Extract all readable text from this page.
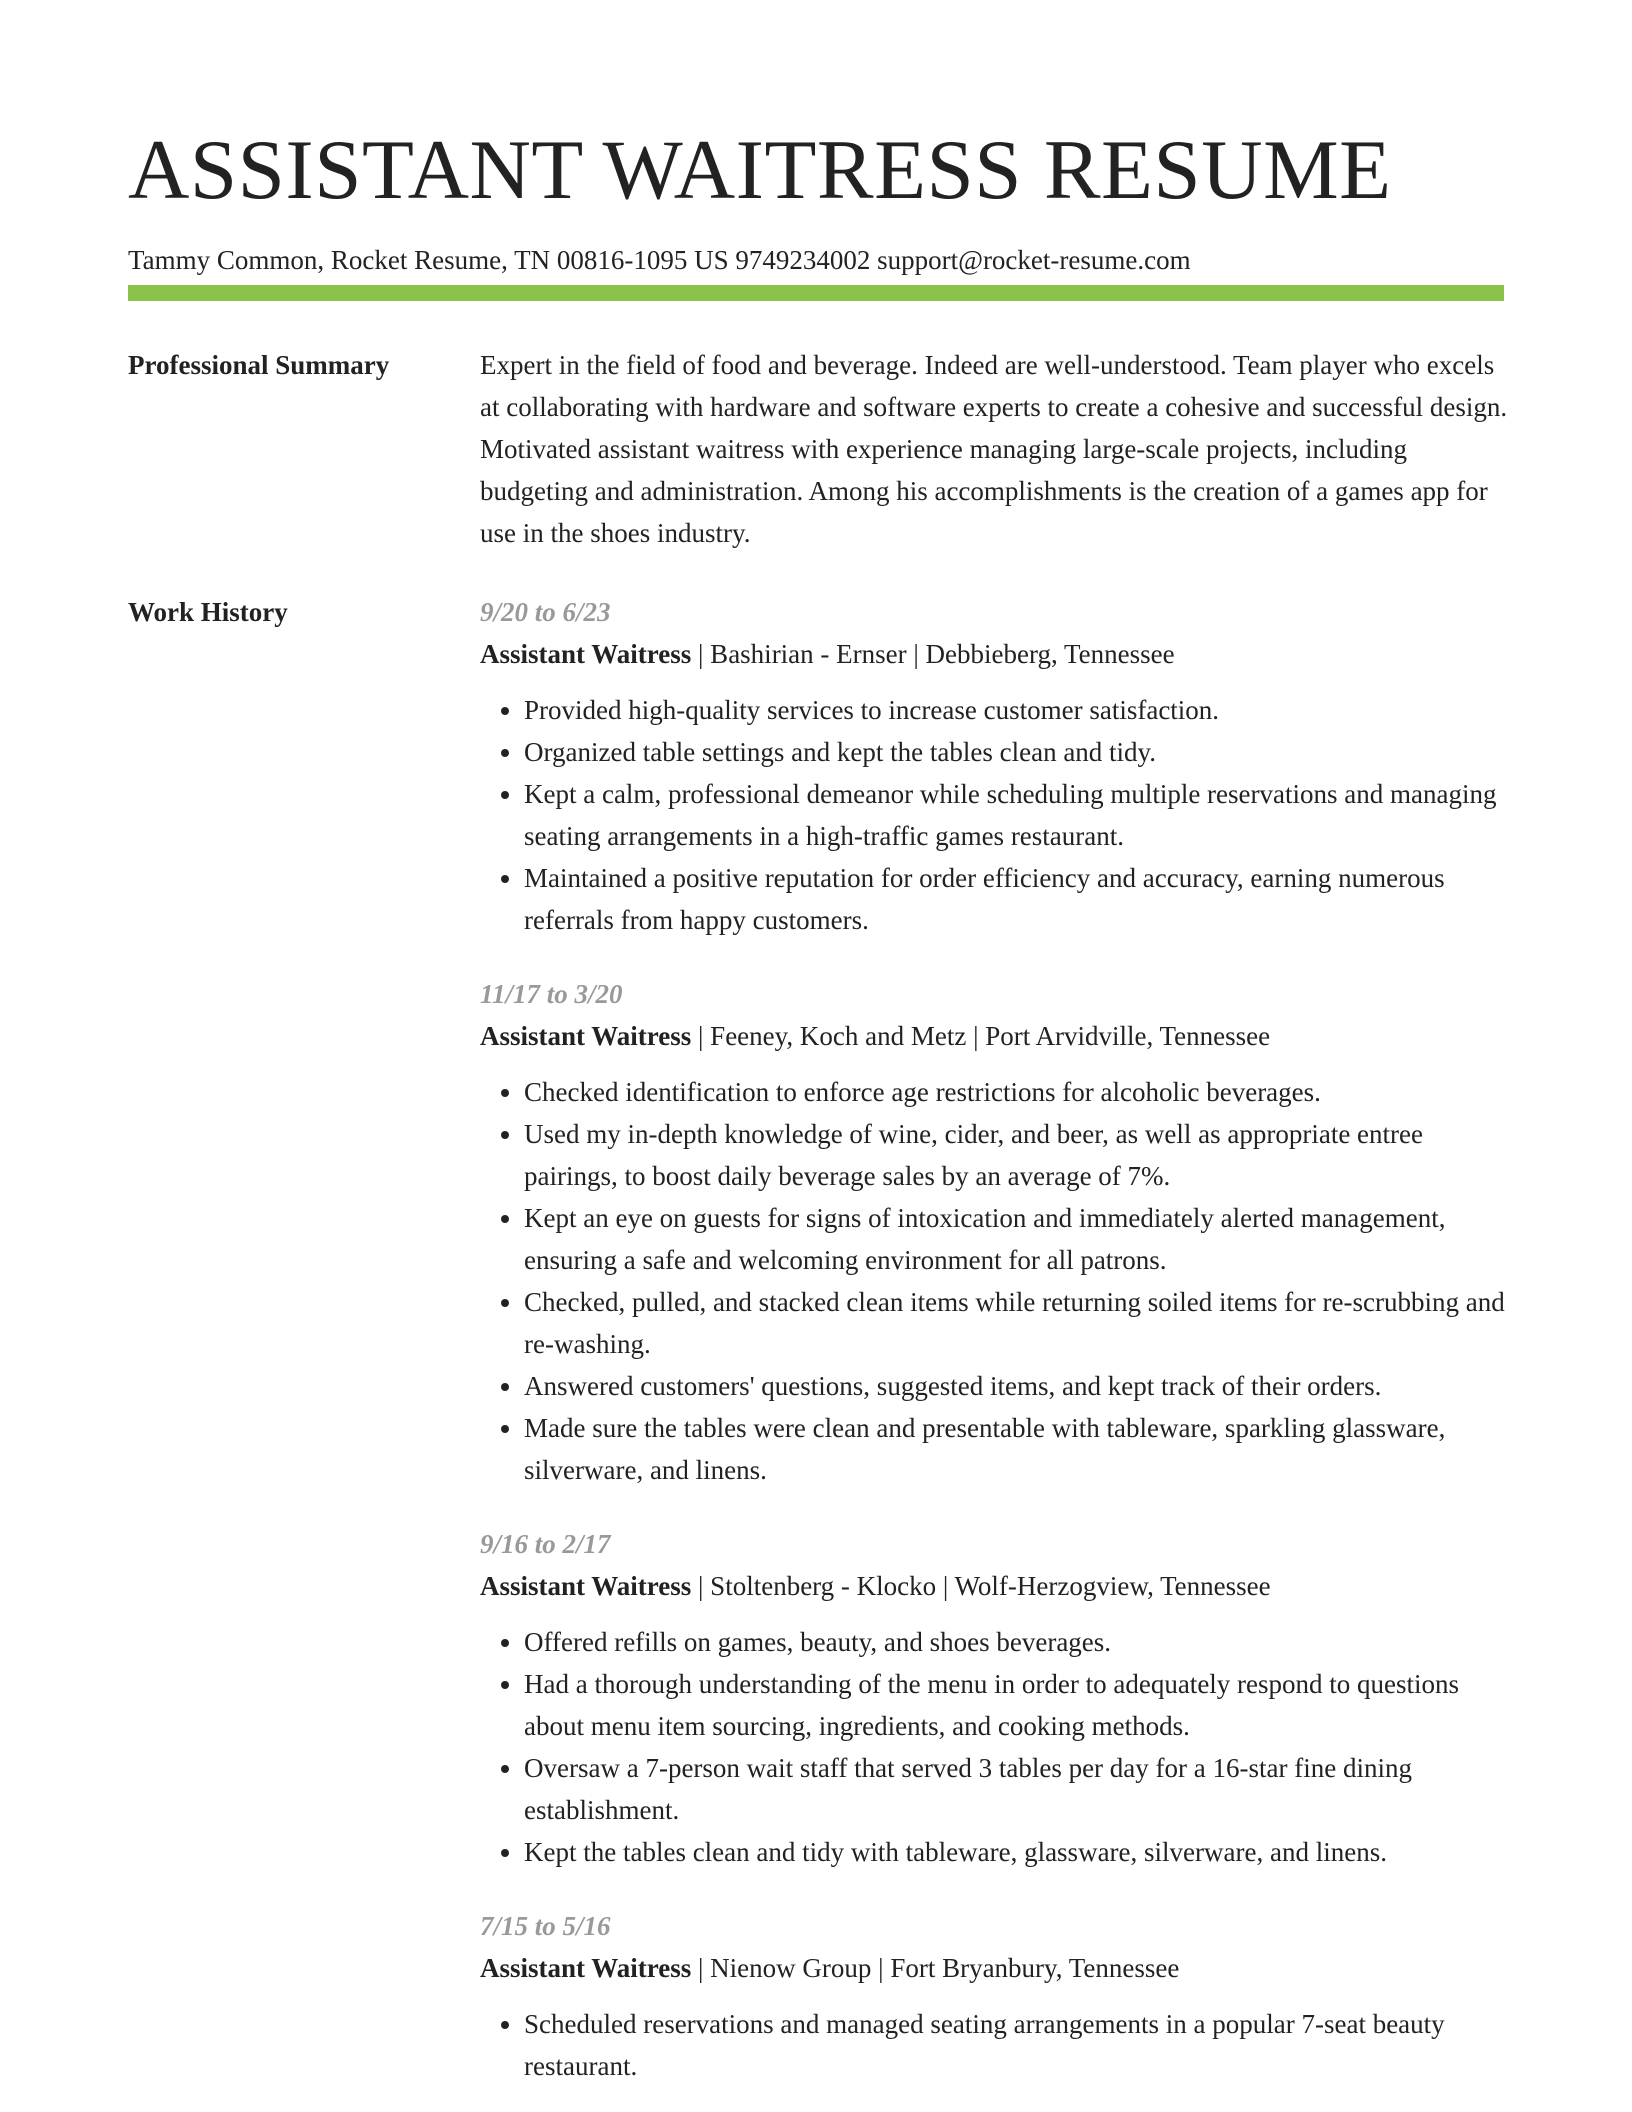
ASSISTANT WAITRESS RESUME
Tammy Common, Rocket Resume, TN 00816-1095 US 9749234002 support@rocket-resume.com
Professional Summary	Expert in the field of food and beverage. Indeed are well-understood. Team player who excels at collaborating with hardware and software experts to create a cohesive and successful design. Motivated assistant waitress with experience managing large-scale projects, including budgeting and administration. Among his accomplishments is the creation of a games app for use in the shoes industry.

Work History	9/20 to 6/23
Assistant Waitress | Bashirian - Ernser | Debbieberg, Tennessee
• Provided high-quality services to increase customer satisfaction.
• Organized table settings and kept the tables clean and tidy.
• Kept a calm, professional demeanor while scheduling multiple reservations and managing seating arrangements in a high-traffic games restaurant.
• Maintained a positive reputation for order efficiency and accuracy, earning numerous referrals from happy customers.
11/17 to 3/20
Assistant Waitress | Feeney, Koch and Metz | Port Arvidville, Tennessee
• Checked identification to enforce age restrictions for alcoholic beverages.
• Used my in-depth knowledge of wine, cider, and beer, as well as appropriate entree pairings, to boost daily beverage sales by an average of 7%.
• Kept an eye on guests for signs of intoxication and immediately alerted management, ensuring a safe and welcoming environment for all patrons.
• Checked, pulled, and stacked clean items while returning soiled items for re-scrubbing and re-washing.
• Answered customers' questions, suggested items, and kept track of their orders.
• Made sure the tables were clean and presentable with tableware, sparkling glassware, silverware, and linens.
9/16 to 2/17
Assistant Waitress | Stoltenberg - Klocko | Wolf-Herzogview, Tennessee
• Offered refills on games, beauty, and shoes beverages.
• Had a thorough understanding of the menu in order to adequately respond to questions about menu item sourcing, ingredients, and cooking methods.
• Oversaw a 7-person wait staff that served 3 tables per day for a 16-star fine dining establishment.
• Kept the tables clean and tidy with tableware, glassware, silverware, and linens.
7/15 to 5/16
Assistant Waitress | Nienow Group | Fort Bryanbury, Tennessee
• Scheduled reservations and managed seating arrangements in a popular 7-seat beauty restaurant.
